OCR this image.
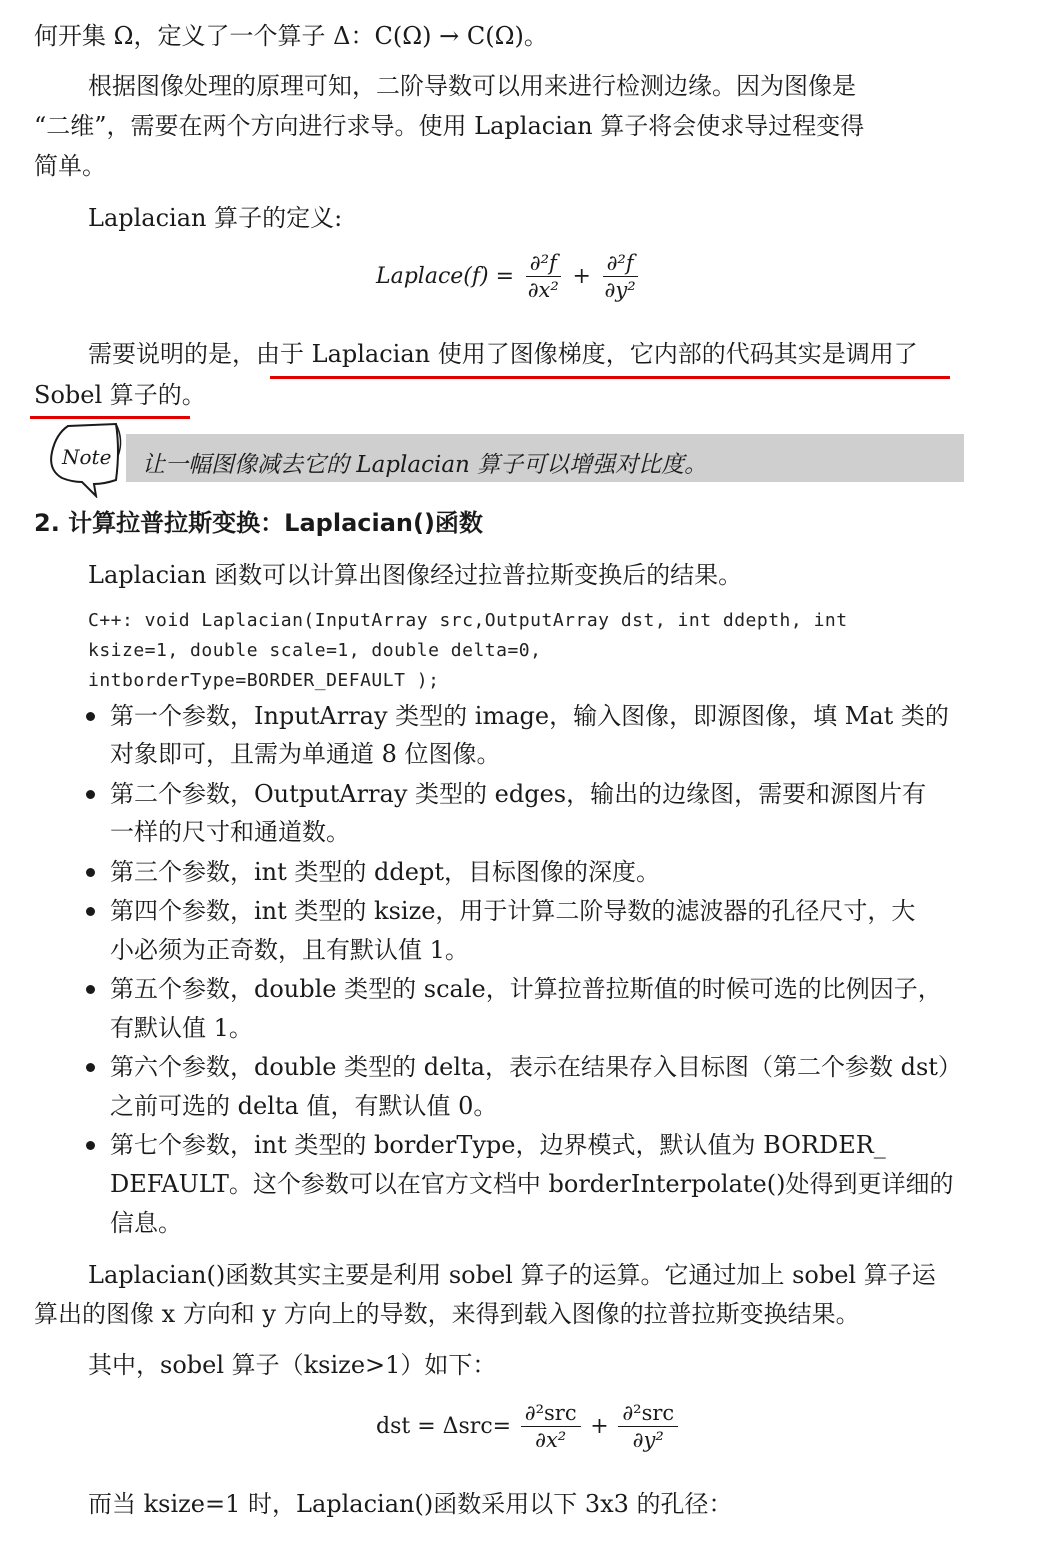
何开集 Ω，定义了一个算子 Δ：C(Ω) → C(Ω)。
根据图像处理的原理可知，二阶导数可以用来进行检测边缘。因为图像是
“二维”，需要在两个方向进行求导。使用 Laplacian 算子将会使求导过程变得
简单。
Laplacian 算子的定义:
Laplace(f) = $\frac{\text{∂²f}}{\text{∂x²}} + \frac{\text{∂²f}}{\text{∂y²}}$
需要说明的是，由于 Laplacian 使用了图像梯度，它内部的代码其实是调用了
Sobel 算子的。
Note 让一幅图像减去它的 Laplacian 算子可以增强对比度。
2. 计算拉普拉斯变换：Laplacian()函数
Laplacian 函数可以计算出图像经过拉普拉斯变换后的结果。
C++: void Laplacian(InputArray src,OutputArray dst, int ddepth, int
ksize=1, double scale=1, double delta=0,
intborderType=BORDER_DEFAULT );
第一个参数，InputArray 类型的 image，输入图像，即源图像，填 Mat 类的
对象即可，且需为单通道 8 位图像。
第二个参数，OutputArray 类型的 edges，输出的边缘图，需要和源图片有
一样的尺寸和通道数。
第三个参数，int 类型的 ddept，目标图像的深度。
第四个参数，int 类型的 ksize，用于计算二阶导数的滤波器的孔径尺寸，大
小必须为正奇数，且有默认值 1。
第五个参数，double 类型的 scale，计算拉普拉斯值的时候可选的比例因子，
有默认值 1。
第六个参数，double 类型的 delta，表示在结果存入目标图（第二个参数 dst）
之前可选的 delta 值，有默认值 0。
第七个参数，int 类型的 borderType，边界模式，默认值为 BORDER_
DEFAULT。这个参数可以在官方文档中 borderInterpolate()处得到更详细的
信息。
Laplacian()函数其实主要是利用 sobel 算子的运算。它通过加上 sobel 算子运
算出的图像 x 方向和 y 方向上的导数，来得到载入图像的拉普拉斯变换结果。
其中，sobel 算子（ksize>1）如下：
dst = $\Delta src= \frac{\text{∂²src}}{\text{∂x²}} + \frac{\text{∂²src}}{\text{∂y²}}$
而当 ksize=1 时，Laplacian()函数采用以下 3x3 的孔径：
